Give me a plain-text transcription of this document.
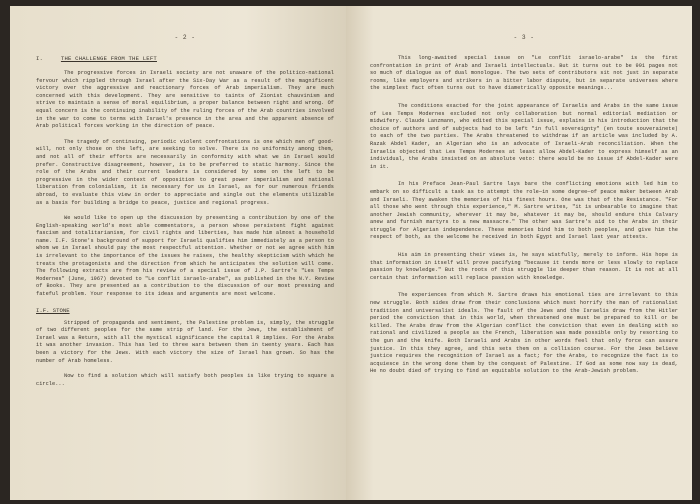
- 2 -
I.	THE CHALLENGE FROM THE LEFT

The progressive forces in Israeli society are not unaware of the politico-national fervour which rippled through Israel after the Six-Day War as a result of the magnificent victory over the aggressive and reactionary forces of Arab imperialism. They are much concerned with this development. They are sensitive to taints of Zionist chauvinism and strive to maintain a sense of moral equilibrium, a proper balance between right and wrong. Of equal concern is the continuing inability of the ruling forces of the Arab countries involved in the war to come to terms with Israel's presence in the area and the apparent absence of Arab political forces working in the direction of peace.

The tragedy of continuing, periodic violent confrontations is one which men of good-will, not only those on the left, are seeking to solve. There is no uniformity among them, and not all of their efforts are necessarily in conformity with what we in Israel would prefer. Constructive disagreement, however, is to be preferred to static harmony. Since the role of the Arabs and their current leaders is considered by some on the left to be progressive in the wider context of opposition to great power imperialism and national liberation from colonialism, it is necessary for us in Israel, as for our numerous friends abroad, to evaluate this view in order to appreciate and single out the elements utilizable as a basis for building a bridge to peace, justice and regional progress.

We would like to open up the discussion by presenting a contribution by one of the English-speaking world's most able commentators, a person whose persistent fight against fascism and totalitarianism, for civil rights and liberties, has made him almost a household name. I.F. Stone's background of support for Israeli qualifies him immediately as a person to whom we in Israel should pay the most respectful attention. Whether or not we agree with him is irrelevant to the importance of the issues he raises, the healthy skepticism with which he treats the protagonists and the direction from which he anticipates the solution will come. The following extracts are from his review of a special issue of J.P. Sartre's "Les Temps Modernes" (June, 1967) devoted to "Le conflit israelo-arabe", as published in the N.Y. Review of Books. They are presented as a contribution to the discussion of our most pressing and fateful problem. Your response to its ideas and arguments are most welcome.

I.F. STONE

Stripped of propaganda and sentiment, the Palestine problem is, simply, the struggle of two different peoples for the same strip of land. For the Jews, the establishment of Israel was a Return, with all the mystical significance the capital R implies. For the Arabs it was another invasion. This has led to three wars between them in twenty years. Each has been a victory for the Jews. With each victory the size of Israel has grown. So has the number of Arab homeless.

Now to find a solution which will satisfy both peoples is like trying to square a circle...

- 3 -

This long-awaited special issue on "Le conflit israelo-arabe" is the first confrontation in print of Arab and Israeli intellectuals. But it turns out to be 991 pages not so much of dialogue as of dual monologue. The two sets of contributors sit not just in separate rooms, like employers and strikers in a bitter labor dispute, but in separate universes where the simplest fact often turns out to have diametrically opposite meanings...

The conditions exacted for the joint appearance of Israelis and Arabs in the same issue of Les Temps Modernes excluded not only collaboration but normal editorial mediation or midwifery. Claude Lanzmann, who edited this special issue, explains in his introduction that the choice of authors and of subjects had to be left "in full sovereignty" (en toute souverainete) to each of the two parties. The Arabs threatened to withdraw if an article was included by A. Razak Abdel Kader, an Algerian who is an advocate of Israeli-Arab reconciliation. When the Israelis objected that Les Temps Modernes at least allow Abdel-Kader to express himself as an individual, the Arabs insisted on an absolute veto: there would be no issue if Abdel-Kader were in it.

In his Preface Jean-Paul Sartre lays bare the conflicting emotions with led him to embark on so difficult a task as to attempt the role—in some degree—of peace maker between Arab and Israeli. They awaken the memories of his finest hours. One was that of the Resistance. "For all those who went through this experience," M. Sartre writes, "it is unbearable to imagine that another Jewish community, wherever it may be, whatever it may be, should endure this Calvary anew and furnish martyrs to a new massacre." The other was Sartre's aid to the Arabs in their struggle for Algerian independence. These memories bind him to both peoples, and give him the respect of both, as the welcome he received in both Egypt and Israel last year attests.

His aim in presenting their views is, he says wistfully, merely to inform. His hope is that information in itself will prove pacifying "because it tends more or less slowly to replace passion by knowledge." But the roots of this struggle lie deeper than reason. It is not at all certain that information will replace passion with knowledge.

The experiences from which M. Sartre draws his emotional ties are irrelevant to this new struggle. Both sides draw from their conclusions which must horrify the man of rationalist tradition and universalist ideals. The fault of the Jews and the Israelis draw from the Hitler period the conviction that in this world, when threatened one must be prepared to kill or be killed. The Arabs draw from the Algerian conflict the conviction that even in dealing with so rational and civilized a people as the French, liberation was made possible only by resorting to the gun and the knife. Both Israeli and Arabs in other words feel that only force can assure justice. In this they agree, and this sets them on a collision course. For the Jews believe justice requires the recognition of Israel as a fact; for the Arabs, to recognize the fact is to acquiesce in the wrong done them by the conquest of Palestine. If God as some now say is dead, He no doubt died of trying to find an equitable solution to the Arab-Jewish problem.
